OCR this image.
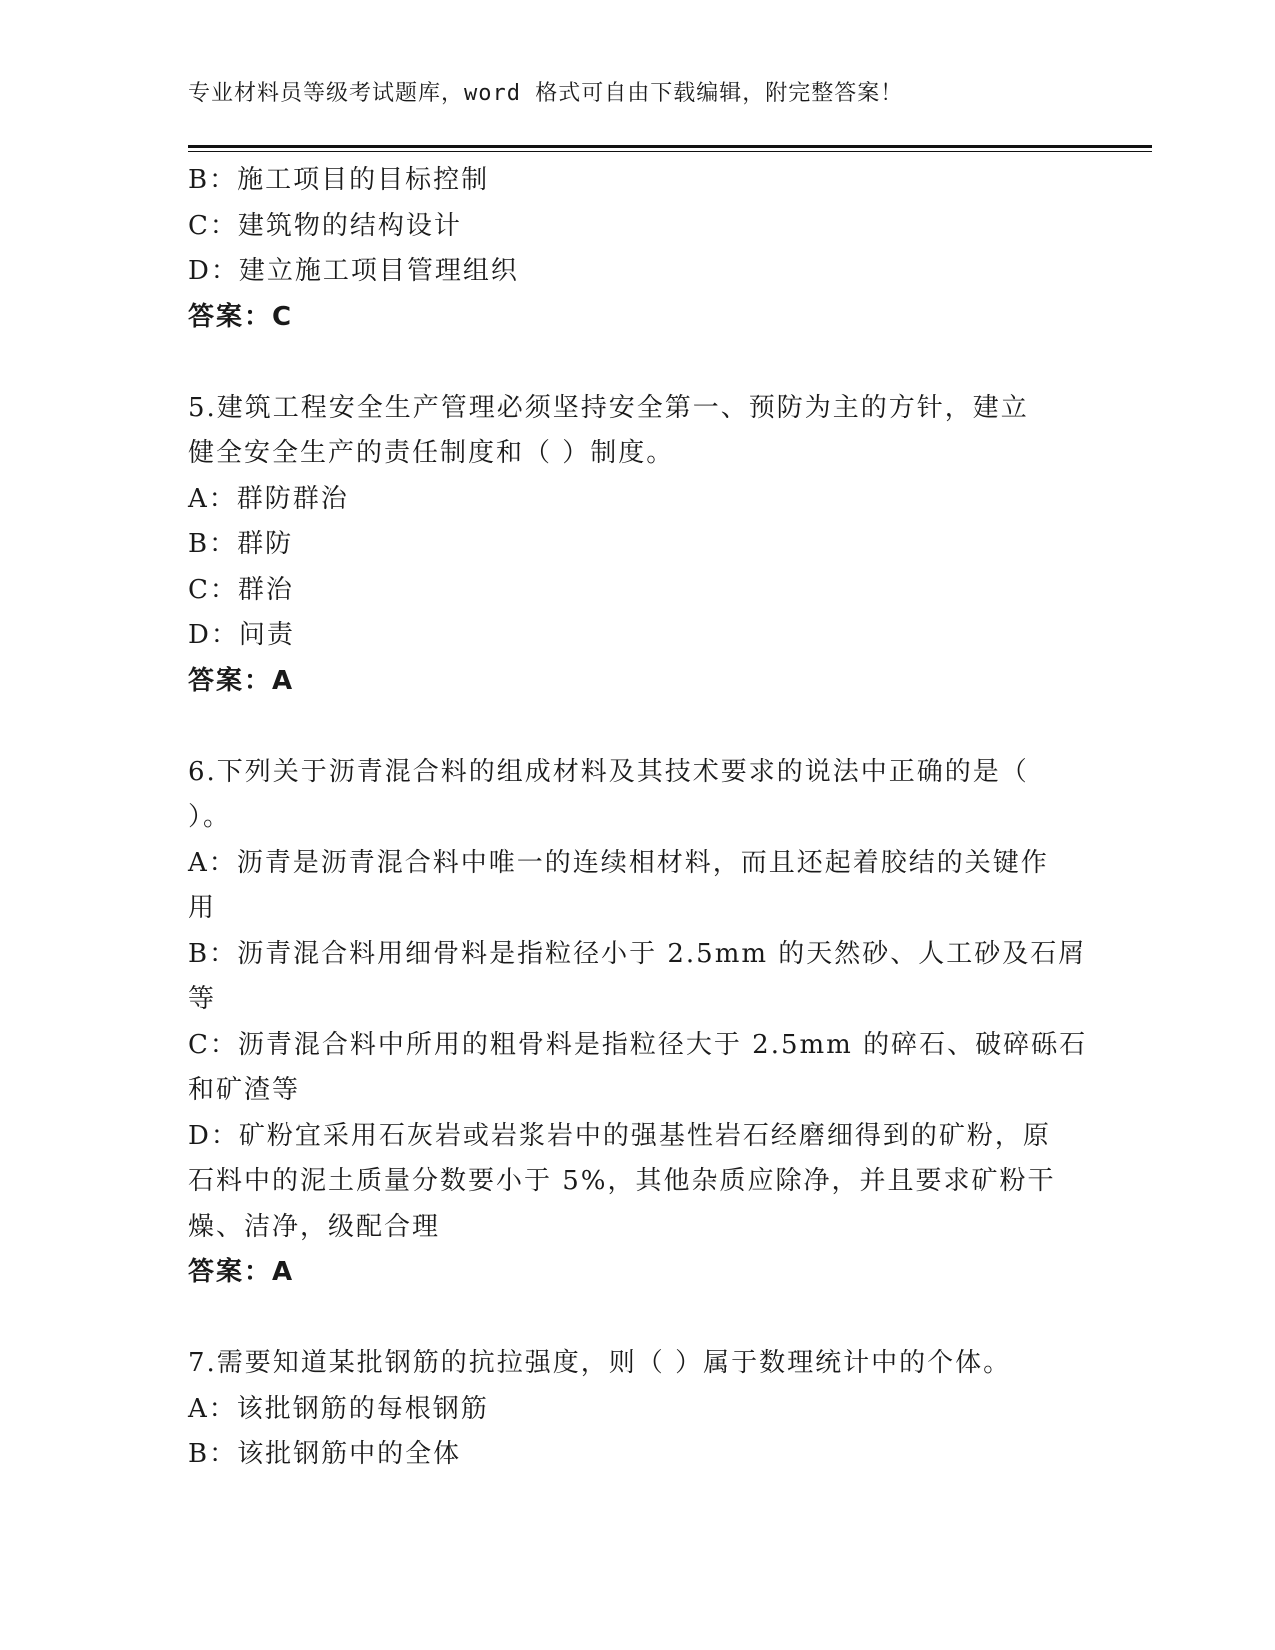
专业材料员等级考试题库，word 格式可自由下载编辑，附完整答案！
B：施工项目的目标控制
C：建筑物的结构设计
D：建立施工项目管理组织
答案：C
5.建筑工程安全生产管理必须坚持安全第一、预防为主的方针，建立
健全安全生产的责任制度和（ ）制度。
A：群防群治
B：群防
C：群治
D：问责
答案：A
6.下列关于沥青混合料的组成材料及其技术要求的说法中正确的是（
）。
A：沥青是沥青混合料中唯一的连续相材料，而且还起着胶结的关键作
用
B：沥青混合料用细骨料是指粒径小于 2.5mm 的天然砂、人工砂及石屑
等
C：沥青混合料中所用的粗骨料是指粒径大于 2.5mm 的碎石、破碎砾石
和矿渣等
D：矿粉宜采用石灰岩或岩浆岩中的强基性岩石经磨细得到的矿粉，原
石料中的泥土质量分数要小于 5%，其他杂质应除净，并且要求矿粉干
燥、洁净，级配合理
答案：A
7.需要知道某批钢筋的抗拉强度，则（ ）属于数理统计中的个体。
A：该批钢筋的每根钢筋
B：该批钢筋中的全体
